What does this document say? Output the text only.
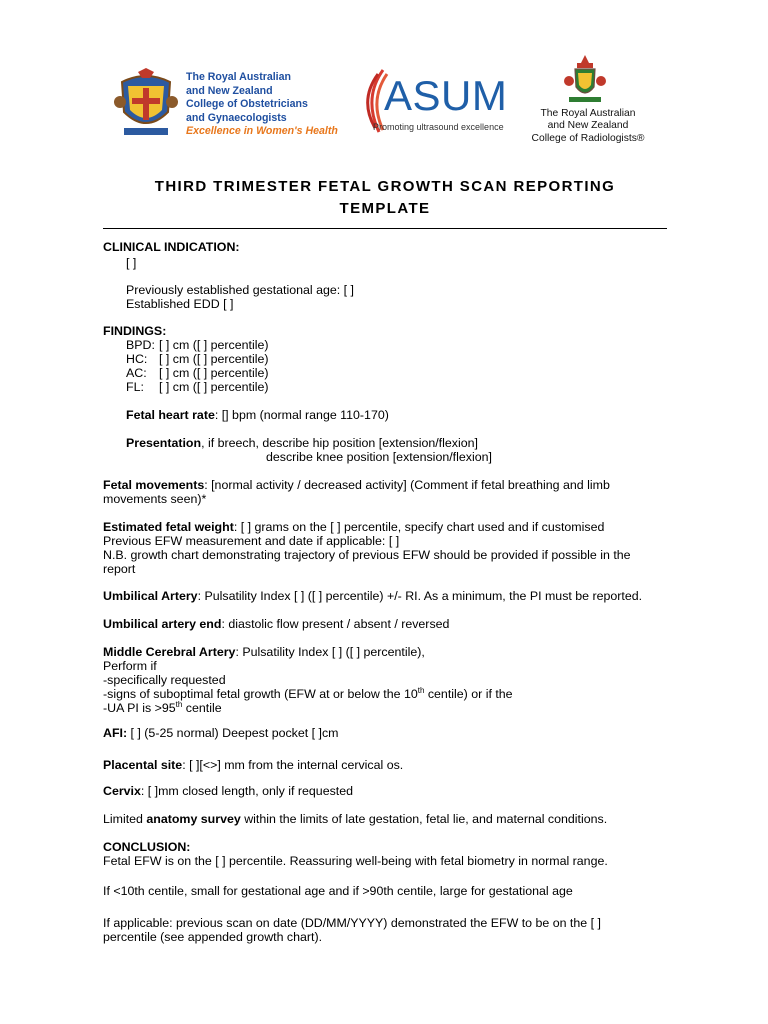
The Royal Australian
and New Zealand
College of Obstetricians
and Gynaecologists
Excellence in Women's Health
ASUM
Promoting ultrasound excellence
The Royal Australian
and New Zealand
College of Radiologists®
THIRD TRIMESTER FETAL GROWTH SCAN REPORTING
TEMPLATE
CLINICAL INDICATION:
[ ]
Previously established gestational age: [ ]
Established EDD [ ]
FINDINGS:
BPD: [ ] cm ([ ] percentile)
HC: [ ] cm ([ ] percentile)
AC: [ ] cm ([ ] percentile)
FL: [ ] cm ([ ] percentile)
Fetal heart rate: [] bpm (normal range 110-170)
Presentation, if breech, describe hip position [extension/flexion]
describe knee position [extension/flexion]
Fetal movements: [normal activity / decreased activity] (Comment if fetal breathing and limb
movements seen)*
Estimated fetal weight: [ ] grams on the [ ] percentile, specify chart used and if customised
Previous EFW measurement and date if applicable: [ ]
N.B. growth chart demonstrating trajectory of previous EFW should be provided if possible in the
report
Umbilical Artery: Pulsatility Index [ ] ([ ] percentile) +/- RI. As a minimum, the PI must be reported.
Umbilical artery end: diastolic flow present / absent / reversed
Middle Cerebral Artery: Pulsatility Index [ ] ([ ] percentile),
Perform if
-specifically requested
-signs of suboptimal fetal growth (EFW at or below the 10th centile) or if the
-UA PI is >95th centile
AFI: [ ] (5-25 normal) Deepest pocket [ ]cm
Placental site: [ ][<>] mm from the internal cervical os.
Cervix: [ ]mm closed length, only if requested
Limited anatomy survey within the limits of late gestation, fetal lie, and maternal conditions.
CONCLUSION:
Fetal EFW is on the [ ] percentile. Reassuring well-being with fetal biometry in normal range.
If <10th centile, small for gestational age and if >90th centile, large for gestational age
If applicable: previous scan on date (DD/MM/YYYY) demonstrated the EFW to be on the [ ]
percentile (see appended growth chart).
